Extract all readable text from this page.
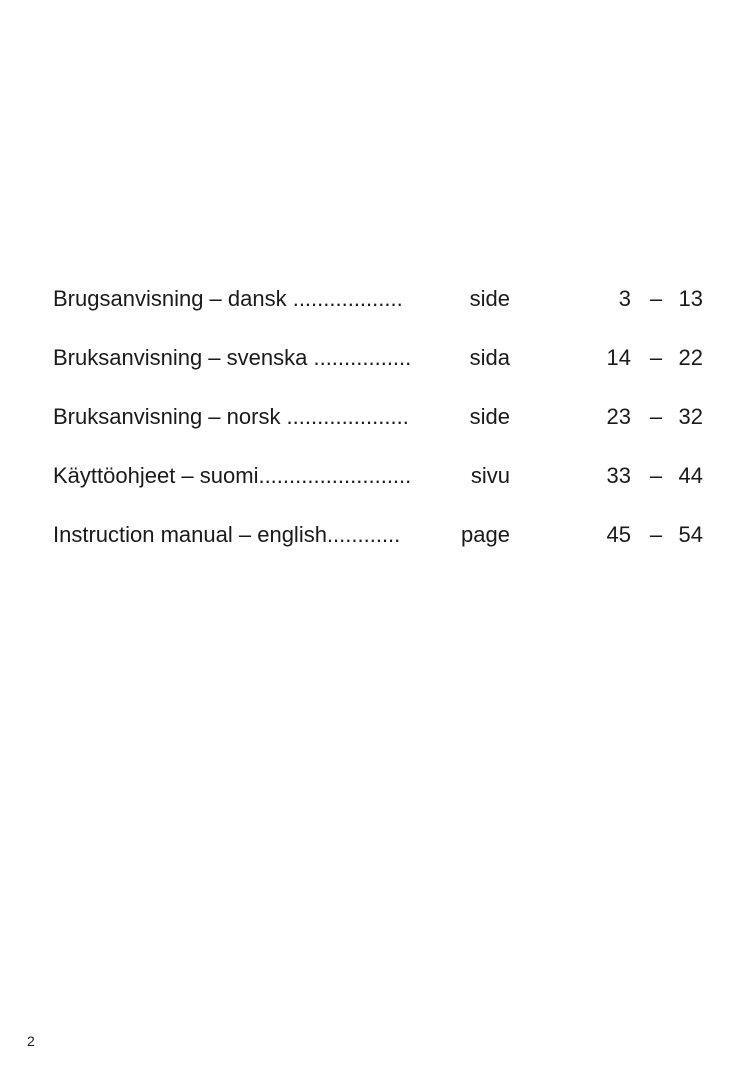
Brugsanvisning – dansk ..................	side	3 – 13
Bruksanvisning – svenska ................	sida	14 – 22
Bruksanvisning – norsk ....................	side	23 – 32
Käyttöohjeet – suomi.........................	sivu	33 – 44
Instruction manual – english............	page	45 – 54
2
